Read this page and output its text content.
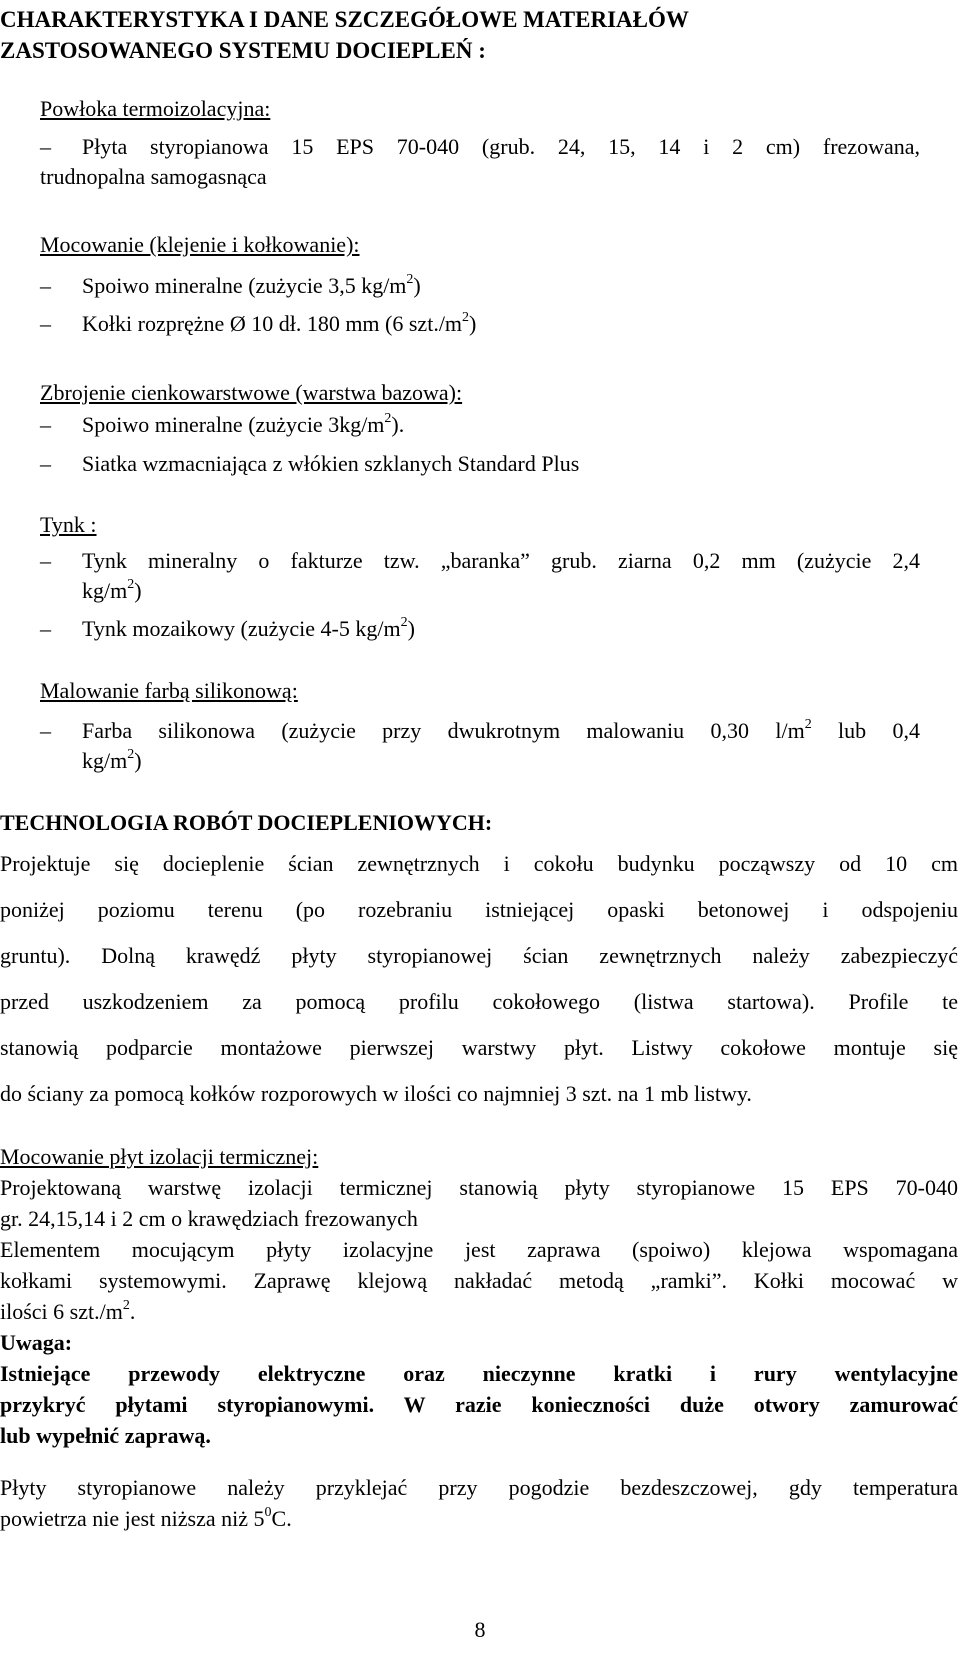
CHARAKTERYSTYKA I DANE SZCZEGÓŁOWE MATERIAŁÓW
ZASTOSOWANEGO SYSTEMU DOCIEPLEŃ :
Powłoka termoizolacyjna:
–	Płyta styropianowa 15 EPS 70-040 (grub. 24, 15, 14 i 2 cm) frezowana,
trudnopalna samogasnąca
Mocowanie (klejenie i kołkowanie):
–	Spoiwo mineralne (zużycie 3,5 $kg/m^2$)
–	Kołki rozprężne Ø 10 dł. 180 mm (6 $szt./m^2$)
Zbrojenie cienkowarstwowe (warstwa bazowa):
–	Spoiwo mineralne (zużycie $3kg/m^2$).
–	Siatka wzmacniająca z włókien szklanych Standard Plus
Tynk :
–	Tynk mineralny o fakturze tzw. „baranka” grub. ziarna 0,2 mm (zużycie 2,4
$kg/m^2$)
–	Tynk mozaikowy (zużycie 4-5 $kg/m^2$)
Malowanie farbą silikonową:
–	Farba silikonowa (zużycie przy dwukrotnym malowaniu 0,30 $l/m^2$ lub 0,4
$kg/m^2$)
TECHNOLOGIA ROBÓT DOCIEPLENIOWYCH:
Projektuje się docieplenie ścian zewnętrznych i cokołu budynku począwszy od 10 cm
poniżej poziomu terenu (po rozebraniu istniejącej opaski betonowej i odspojeniu
gruntu). Dolną krawędź płyty styropianowej ścian zewnętrznych należy zabezpieczyć
przed uszkodzeniem za pomocą profilu cokołowego (listwa startowa). Profile te
stanowią podparcie montażowe pierwszej warstwy płyt. Listwy cokołowe montuje się
do ściany za pomocą kołków rozporowych w ilości co najmniej 3 szt. na 1 mb listwy.
Mocowanie płyt izolacji termicznej:
Projektowaną warstwę izolacji termicznej stanowią płyty styropianowe 15 EPS 70-040
gr. 24,15,14 i 2 cm o krawędziach frezowanych
Elementem mocującym płyty izolacyjne jest zaprawa (spoiwo) klejowa wspomagana
kołkami systemowymi. Zaprawę klejową nakładać metodą „ramki”. Kołki mocować w
ilości 6 $szt./m^2$.
Uwaga:
Istniejące przewody elektryczne oraz nieczynne kratki i rury wentylacyjne
przykryć płytami styropianowymi. W razie konieczności duże otwory zamurować
lub wypełnić zaprawą.
Płyty styropianowe należy przyklejać przy pogodzie bezdeszczowej, gdy temperatura
powietrza nie jest niższa niż $5^0C$.
8
